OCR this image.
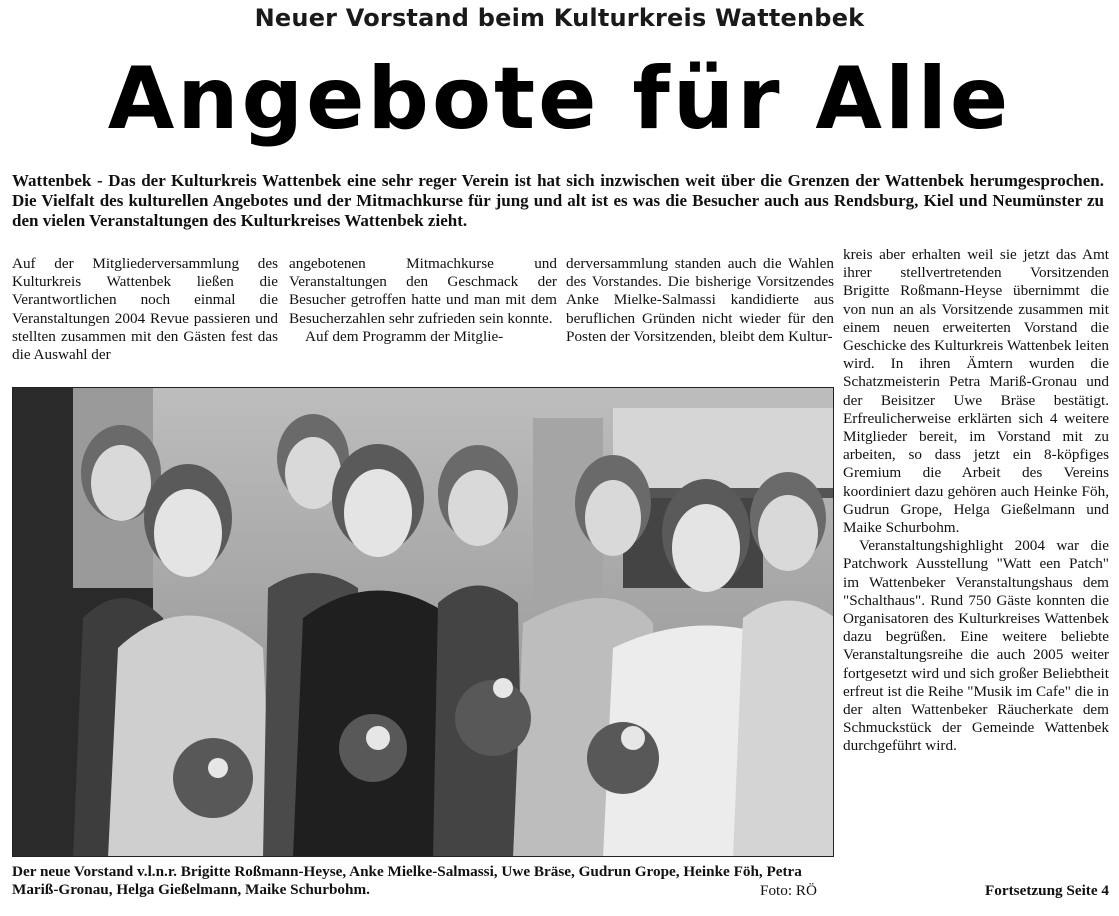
Neuer Vorstand beim Kulturkreis Wattenbek
Angebote für Alle
Wattenbek - Das der Kulturkreis Wattenbek eine sehr reger Verein ist hat sich inzwischen weit über die Grenzen der Wattenbek herumgesprochen. Die Vielfalt des kulturellen Angebotes und der Mitmachkurse für jung und alt ist es was die Besucher auch aus Rendsburg, Kiel und Neumünster zu den vielen Veranstaltungen des Kulturkreises Wattenbek zieht.

Auf der Mitgliederversammlung des Kulturkreis Wattenbek ließen die Verantwortlichen noch einmal die Veranstaltungen 2004 Revue passieren und stellten zusammen mit den Gästen fest das die Auswahl der

angebotenen Mitmachkurse und Veranstaltungen den Geschmack der Besucher getroffen hatte und man mit dem Besucherzahlen sehr zufrieden sein konnte.

Auf dem Programm der Mitglie-

derversammlung standen auch die Wahlen des Vorstandes. Die bisherige Vorsitzendes Anke Mielke-Salmassi kandidierte aus beruflichen Gründen nicht wieder für den Posten der Vorsitzenden, bleibt dem Kultur-

kreis aber erhalten weil sie jetzt das Amt ihrer stellvertretenden Vorsitzenden Brigitte Roßmann-Heyse übernimmt die von nun an als Vorsitzende zusammen mit einem neuen erweiterten Vorstand die Geschicke des Kulturkreis Wattenbek leiten wird. In ihren Ämtern wurden die Schatzmeisterin Petra Mariß-Gronau und der Beisitzer Uwe Bräse bestätigt. Erfreulicherweise erklärten sich 4 weitere Mitglieder bereit, im Vorstand mit zu arbeiten, so dass jetzt ein 8-köpfiges Gremium die Arbeit des Vereins koordiniert dazu gehören auch Heinke Föh, Gudrun Grope, Helga Gießelmann und Maike Schurbohm.

Veranstaltungshighlight 2004 war die Patchwork Ausstellung "Watt een Patch" im Wattenbeker Veranstaltungshaus dem "Schalthaus". Rund 750 Gäste konnten die Organisatoren des Kulturkreises Wattenbek dazu begrüßen. Eine weitere beliebte Veranstaltungsreihe die auch 2005 weiter fortgesetzt wird und sich großer Beliebtheit erfreut ist die Reihe "Musik im Cafe" die in der alten Wattenbeker Räucherkate dem Schmuckstück der Gemeinde Wattenbek durchgeführt wird.

Der neue Vorstand v.l.n.r. Brigitte Roßmann-Heyse, Anke Mielke-Salmassi, Uwe Bräse, Gudrun Grope, Heinke Föh, Petra Mariß-Gronau, Helga Gießelmann, Maike Schurbohm.	Foto: RÖ	Fortsetzung Seite 4
